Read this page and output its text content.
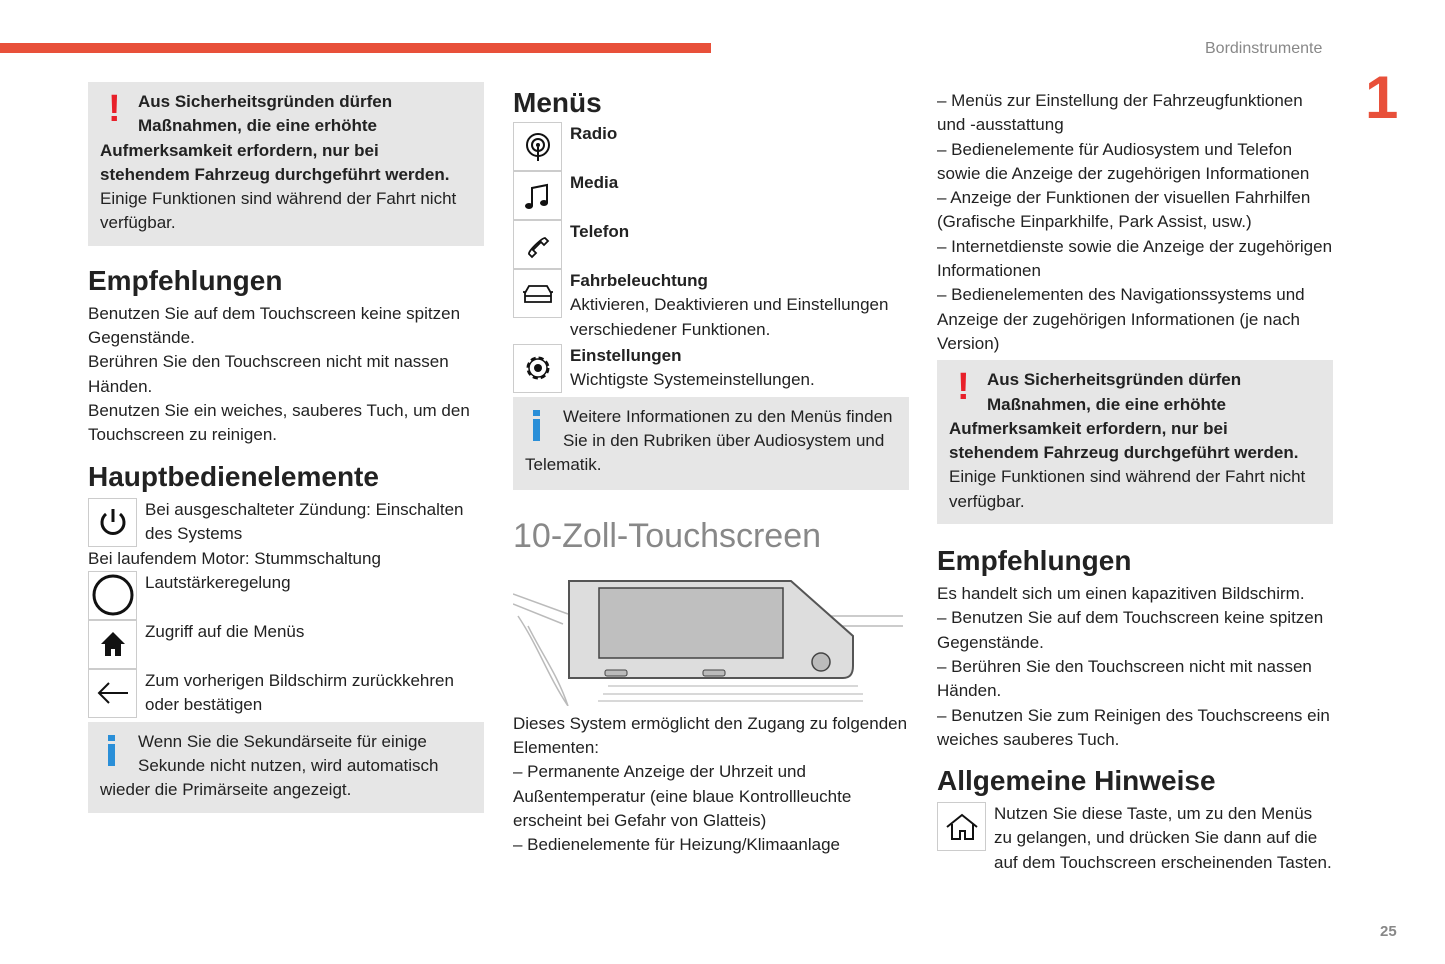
Bordinstrumente
1
25
!	Aus Sicherheitsgründen dürfen Maßnahmen, die eine erhöhte Aufmerksamkeit erfordern, nur bei stehendem Fahrzeug durchgeführt werden. Einige Funktionen sind während der Fahrt nicht verfügbar.

Empfehlungen

Benutzen Sie auf dem Touchscreen keine spitzen Gegenstände.

Berühren Sie den Touchscreen nicht mit nassen Händen.

Benutzen Sie ein weiches, sauberes Tuch, um den Touchscreen zu reinigen.

Hauptbedienelemente
Bei ausgeschalteter Zündung: Einschalten des Systems

Bei laufendem Motor: Stummschaltung

Lautstärkeregelung
Zugriff auf die Menüs
Zum vorherigen Bildschirm zurückkehren oder bestätigen

Wenn Sie die Sekundärseite für einige Sekunde nicht nutzen, wird automatisch wieder die Primärseite angezeigt.

Menüs
Radio
Media
Telefon
Fahrbeleuchtung
Aktivieren, Deaktivieren und Einstellungen verschiedener Funktionen.
Einstellungen
Wichtigste Systemeinstellungen.

Weitere Informationen zu den Menüs finden Sie in den Rubriken über Audiosystem und Telematik.

10-Zoll-Touchscreen

Dieses System ermöglicht den Zugang zu folgenden Elementen:

– Permanente Anzeige der Uhrzeit und Außentemperatur (eine blaue Kontrollleuchte erscheint bei Gefahr von Glatteis)

– Bedienelemente für Heizung/Klimaanlage

– Menüs zur Einstellung der Fahrzeugfunktionen und -ausstattung

– Bedienelemente für Audiosystem und Telefon sowie die Anzeige der zugehörigen Informationen

– Anzeige der Funktionen der visuellen Fahrhilfen (Grafische Einparkhilfe, Park Assist, usw.)

– Internetdienste sowie die Anzeige der zugehörigen Informationen

– Bedienelementen des Navigationssystems und Anzeige der zugehörigen Informationen (je nach Version)

!	Aus Sicherheitsgründen dürfen Maßnahmen, die eine erhöhte Aufmerksamkeit erfordern, nur bei stehendem Fahrzeug durchgeführt werden. Einige Funktionen sind während der Fahrt nicht verfügbar.

Empfehlungen

Es handelt sich um einen kapazitiven Bildschirm.

– Benutzen Sie auf dem Touchscreen keine spitzen Gegenstände.

– Berühren Sie den Touchscreen nicht mit nassen Händen.

– Benutzen Sie zum Reinigen des Touchscreens ein weiches sauberes Tuch.

Allgemeine Hinweise
Nutzen Sie diese Taste, um zu den Menüs zu gelangen, und drücken Sie dann auf die auf dem Touchscreen erscheinenden Tasten.
